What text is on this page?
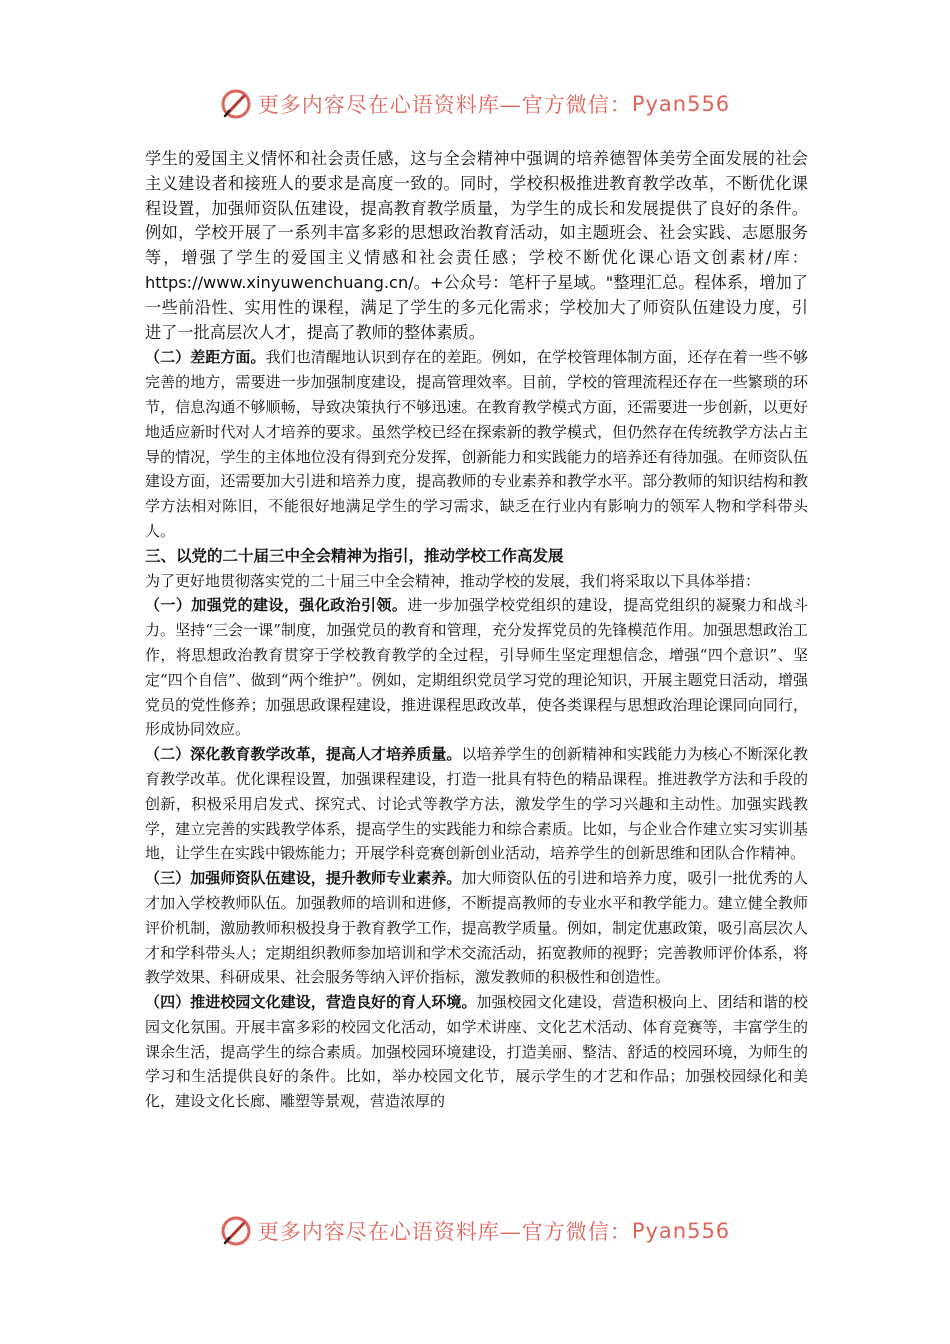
更多内容尽在心语资料库—官方微信： Pyan556

学生的爱国主义情怀和社会责任感，这与全会精神中强调的培养德智体美劳全面发展的社会主义建设者和接班人的要求是高度一致的。同时，学校积极推进教育教学改革，不断优化课程设置，加强师资队伍建设，提高教育教学质量，为学生的成长和发展提供了良好的条件。例如，学校开展了一系列丰富多彩的思想政治教育活动，如主题班会、社会实践、志愿服务等，增强了学生的爱国主义情感和社会责任感；学校不断优化课心语文创素材/库：https://www.xinyuwenchuang.cn/。+公众号：笔杆子星域。"整理汇总。程体系，增加了一些前沿性、实用性的课程，满足了学生的多元化需求；学校加大了师资队伍建设力度，引进了一批高层次人才，提高了教师的整体素质。

（二）差距方面。我们也清醒地认识到存在的差距。例如，在学校管理体制方面，还存在着一些不够完善的地方，需要进一步加强制度建设，提高管理效率。目前，学校的管理流程还存在一些繁琐的环节，信息沟通不够顺畅，导致决策执行不够迅速。在教育教学模式方面，还需要进一步创新，以更好地适应新时代对人才培养的要求。虽然学校已经在探索新的教学模式，但仍然存在传统教学方法占主导的情况，学生的主体地位没有得到充分发挥，创新能力和实践能力的培养还有待加强。在师资队伍建设方面，还需要加大引进和培养力度，提高教师的专业素养和教学水平。部分教师的知识结构和教学方法相对陈旧，不能很好地满足学生的学习需求，缺乏在行业内有影响力的领军人物和学科带头人。

三、以党的二十届三中全会精神为指引，推动学校工作高发展

为了更好地贯彻落实党的二十届三中全会精神，推动学校的发展，我们将采取以下具体举措：

（一）加强党的建设，强化政治引领。进一步加强学校党组织的建设，提高党组织的凝聚力和战斗力。坚持“三会一课”制度，加强党员的教育和管理，充分发挥党员的先锋模范作用。加强思想政治工作，将思想政治教育贯穿于学校教育教学的全过程，引导师生坚定理想信念，增强“四个意识”、坚定“四个自信”、做到“两个维护”。例如，定期组织党员学习党的理论知识，开展主题党日活动，增强党员的党性修养；加强思政课程建设，推进课程思政改革，使各类课程与思想政治理论课同向同行，形成协同效应。

（二）深化教育教学改革，提高人才培养质量。以培养学生的创新精神和实践能力为核心不断深化教育教学改革。优化课程设置，加强课程建设，打造一批具有特色的精品课程。推进教学方法和手段的创新，积极采用启发式、探究式、讨论式等教学方法，激发学生的学习兴趣和主动性。加强实践教学，建立完善的实践教学体系，提高学生的实践能力和综合素质。比如，与企业合作建立实习实训基地，让学生在实践中锻炼能力；开展学科竞赛创新创业活动，培养学生的创新思维和团队合作精神。

（三）加强师资队伍建设，提升教师专业素养。加大师资队伍的引进和培养力度，吸引一批优秀的人才加入学校教师队伍。加强教师的培训和进修，不断提高教师的专业水平和教学能力。建立健全教师评价机制，激励教师积极投身于教育教学工作，提高教学质量。例如，制定优惠政策，吸引高层次人才和学科带头人；定期组织教师参加培训和学术交流活动，拓宽教师的视野；完善教师评价体系，将教学效果、科研成果、社会服务等纳入评价指标，激发教师的积极性和创造性。

（四）推进校园文化建设，营造良好的育人环境。加强校园文化建设，营造积极向上、团结和谐的校园文化氛围。开展丰富多彩的校园文化活动，如学术讲座、文化艺术活动、体育竞赛等，丰富学生的课余生活，提高学生的综合素质。加强校园环境建设，打造美丽、整洁、舒适的校园环境，为师生的学习和生活提供良好的条件。比如，举办校园文化节，展示学生的才艺和作品；加强校园绿化和美化，建设文化长廊、雕塑等景观，营造浓厚的

更多内容尽在心语资料库—官方微信： Pyan556
